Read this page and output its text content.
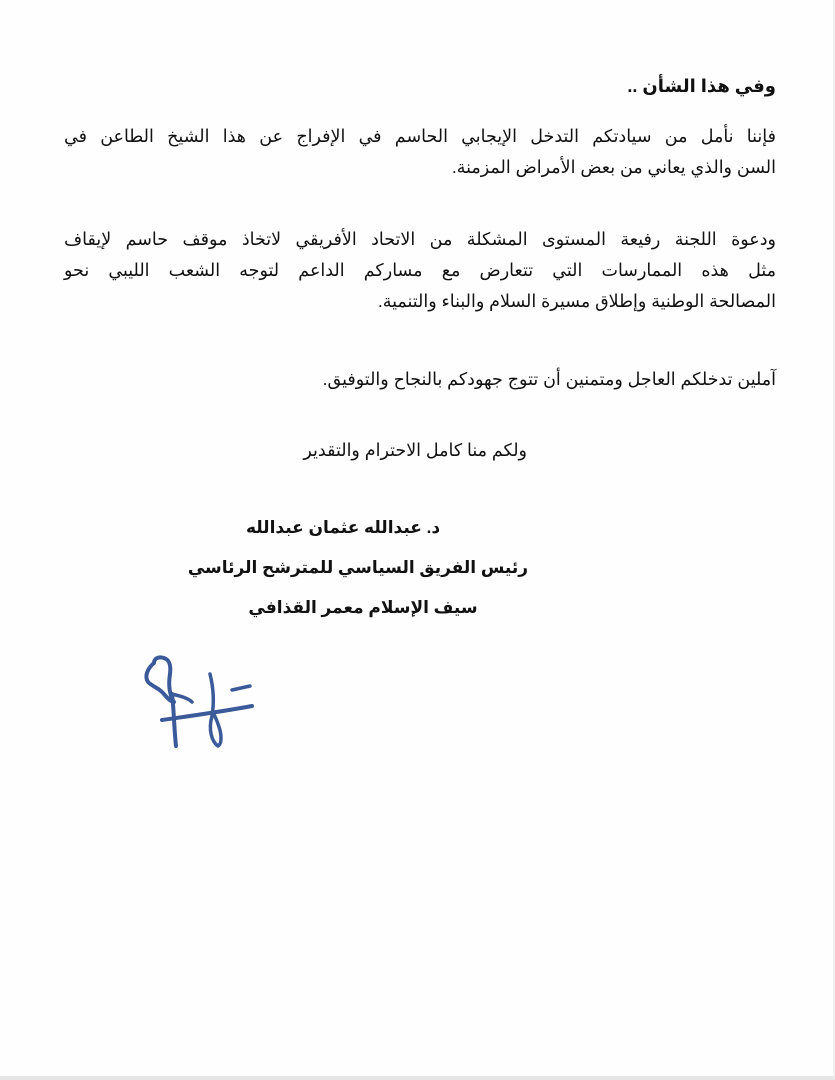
وفي هذا الشأن ..
فإننا نأمل من سيادتكم التدخل الإيجابي الحاسم في الإفراج عن هذا الشيخ الطاعن في
السن والذي يعاني من بعض الأمراض المزمنة.
ودعوة اللجنة رفيعة المستوى المشكلة من الاتحاد الأفريقي لاتخاذ موقف حاسم لإيقاف
مثل هذه الممارسات التي تتعارض مع مساركم الداعم لتوجه الشعب الليبي نحو
المصالحة الوطنية وإطلاق مسيرة السلام والبناء والتنمية.
آملين تدخلكم العاجل ومتمنين أن تتوج جهودكم بالنجاح والتوفيق.
ولكم منا كامل الاحترام والتقدير
د. عبدالله عثمان عبدالله
رئيس الفريق السياسي للمترشح الرئاسي
سيف الإسلام معمر القذافي
